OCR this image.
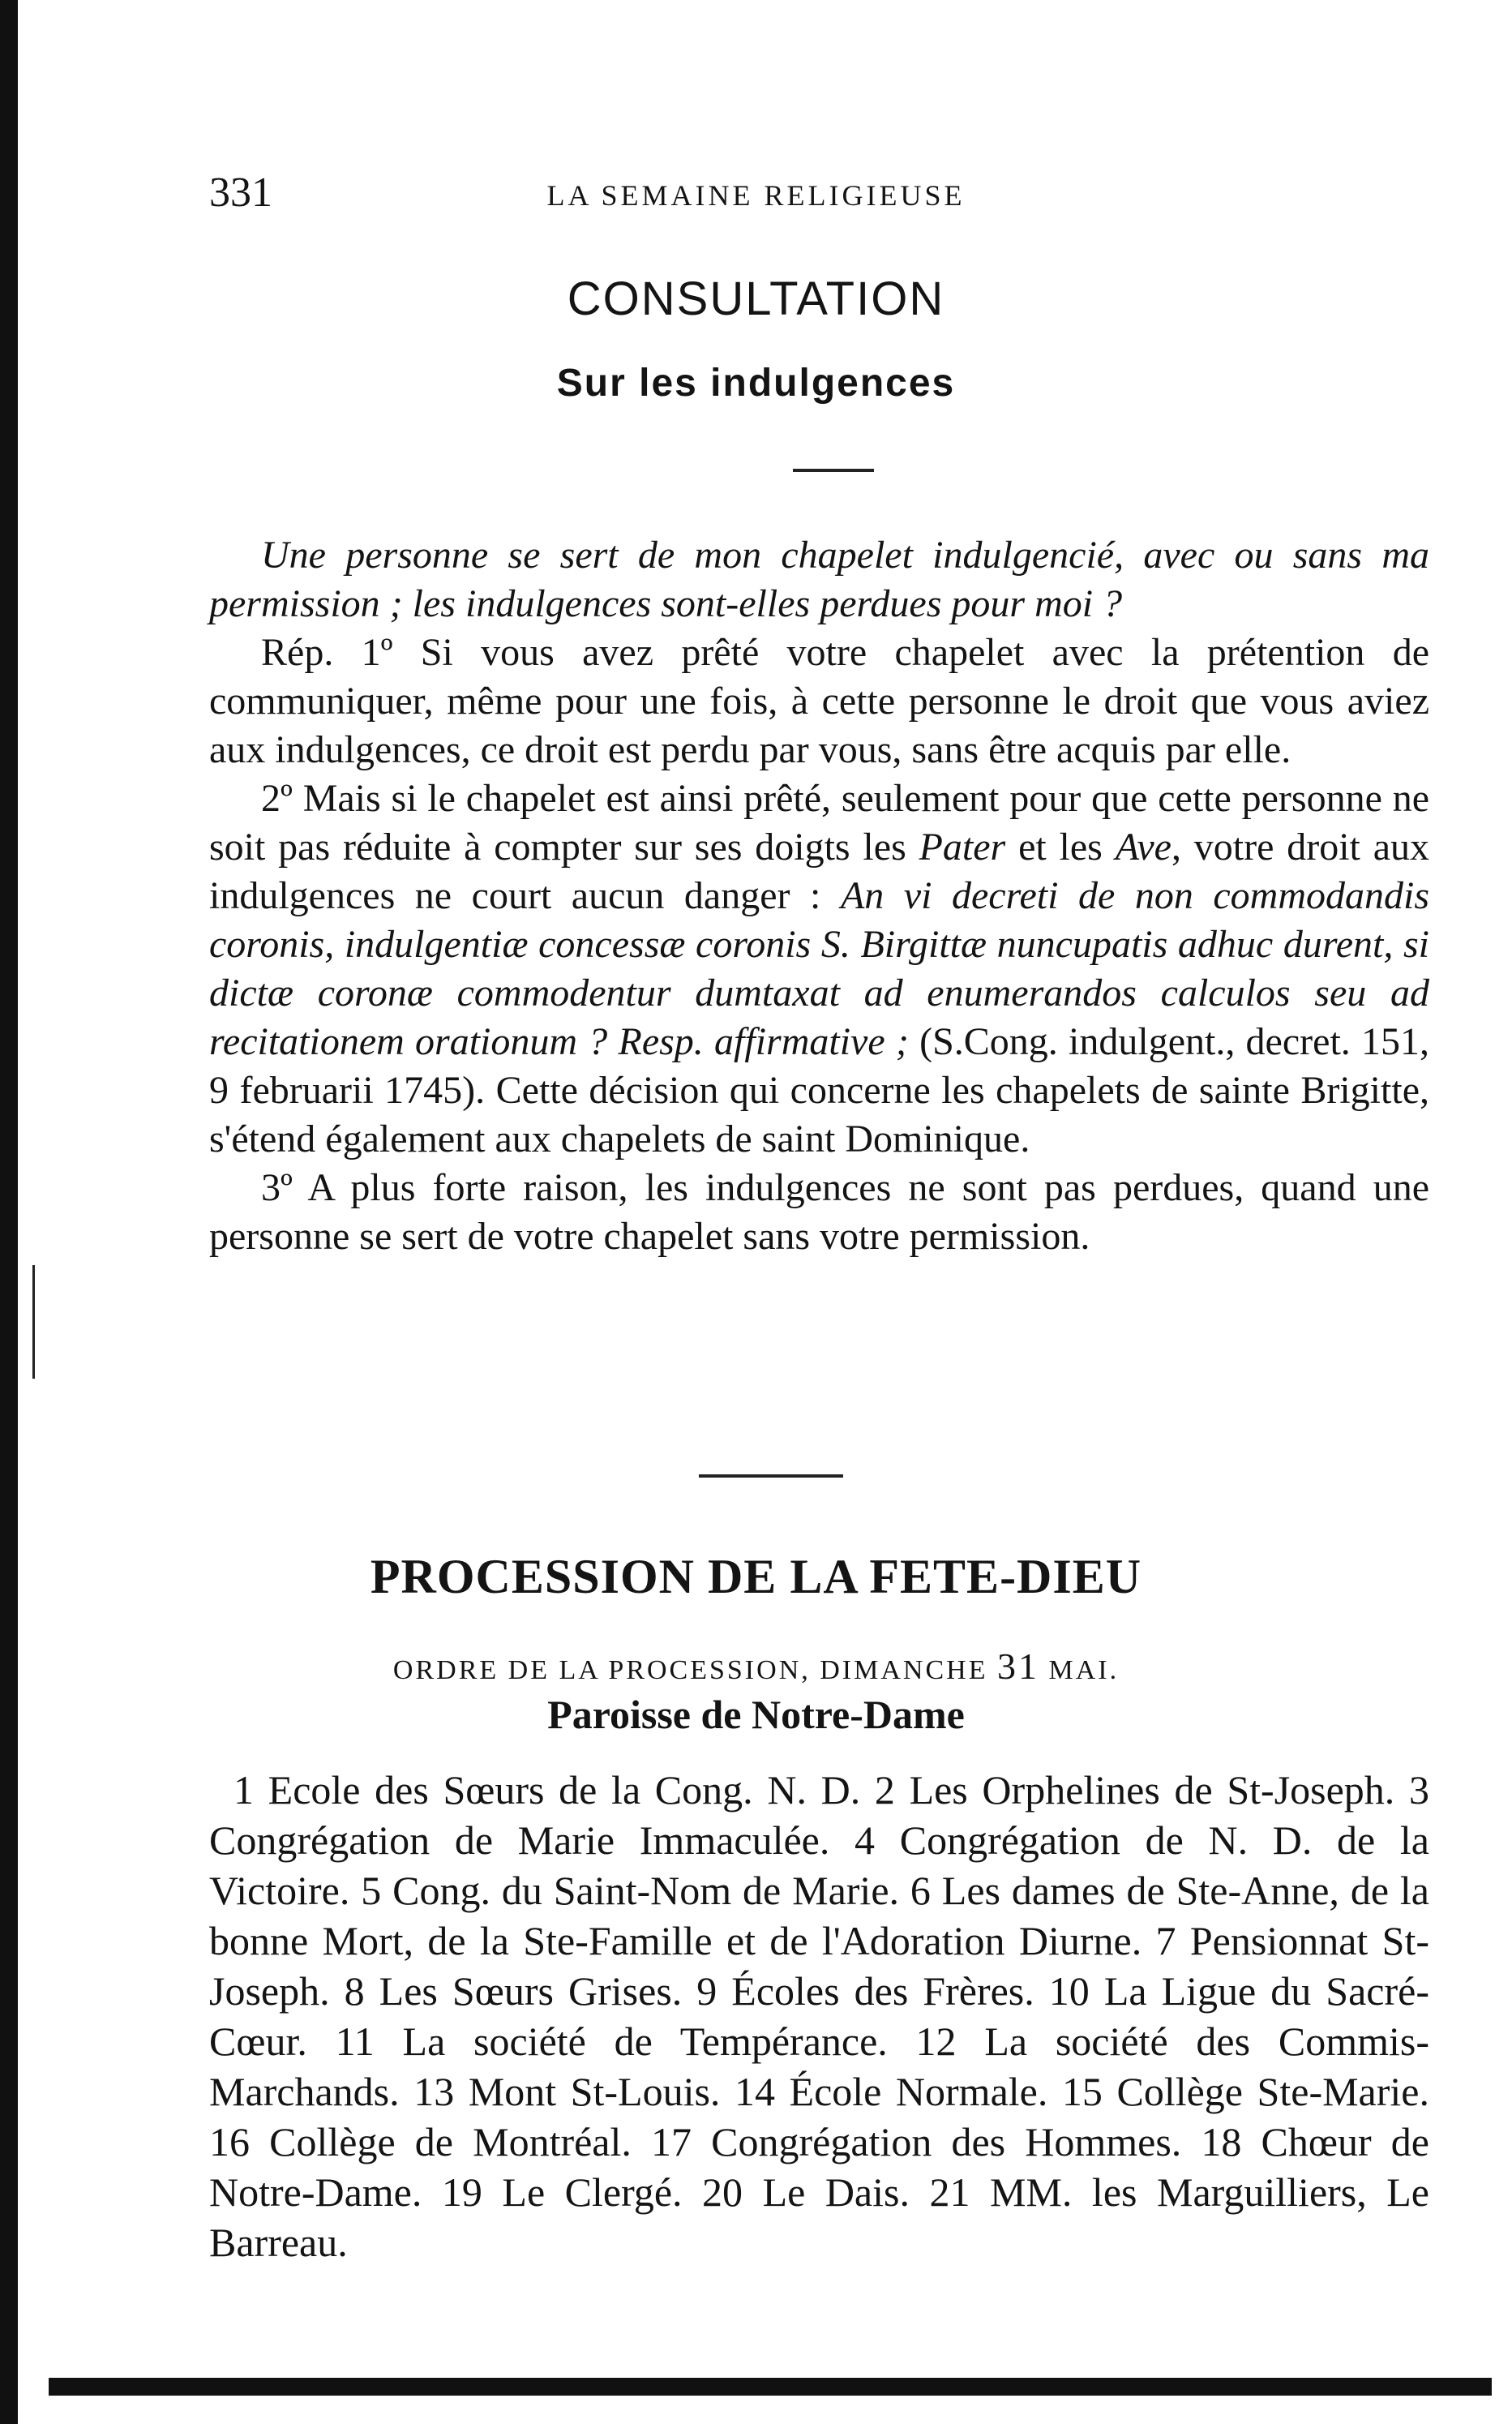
331	LA SEMAINE RELIGIEUSE
CONSULTATION
Sur les indulgences

Une personne se sert de mon chapelet indulgencié, avec ou sans ma permission ; les indulgences sont-elles perdues pour moi ?

Rép. 1º Si vous avez prêté votre chapelet avec la prétention de communiquer, même pour une fois, à cette personne le droit que vous aviez aux indulgences, ce droit est perdu par vous, sans être acquis par elle.

2º Mais si le chapelet est ainsi prêté, seulement pour que cette personne ne soit pas réduite à compter sur ses doigts les Pater et les Ave, votre droit aux indulgences ne court aucun danger : An vi decreti de non commodandis coronis, indulgentiæ concessæ coronis S. Birgittæ nuncupatis adhuc durent, si dictæ coronæ commodentur dumtaxat ad enumerandos calculos seu ad recitationem orationum ? Resp. affirmative ; (S.Cong. indulgent., decret. 151, 9 februarii 1745). Cette décision qui concerne les chapelets de sainte Brigitte, s'étend également aux chapelets de saint Dominique.

3º A plus forte raison, les indulgences ne sont pas perdues, quand une personne se sert de votre chapelet sans votre permission.

PROCESSION DE LA FETE-DIEU
ORDRE DE LA PROCESSION, DIMANCHE 31 MAI.
Paroisse de Notre-Dame

1 Ecole des Sœurs de la Cong. N. D. 2 Les Orphelines de St-Joseph. 3 Congrégation de Marie Immaculée. 4 Congrégation de N. D. de la Victoire. 5 Cong. du Saint-Nom de Marie. 6 Les dames de Ste-Anne, de la bonne Mort, de la Ste-Famille et de l'Adoration Diurne. 7 Pensionnat St-Joseph. 8 Les Sœurs Grises. 9 Écoles des Frères. 10 La Ligue du Sacré-Cœur. 11 La société de Tempérance. 12 La société des Commis-Marchands. 13 Mont St-Louis. 14 École Normale. 15 Collège Ste-Marie. 16 Collège de Montréal. 17 Congrégation des Hommes. 18 Chœur de Notre-Dame. 19 Le Clergé. 20 Le Dais. 21 MM. les Marguilliers, Le Barreau.
